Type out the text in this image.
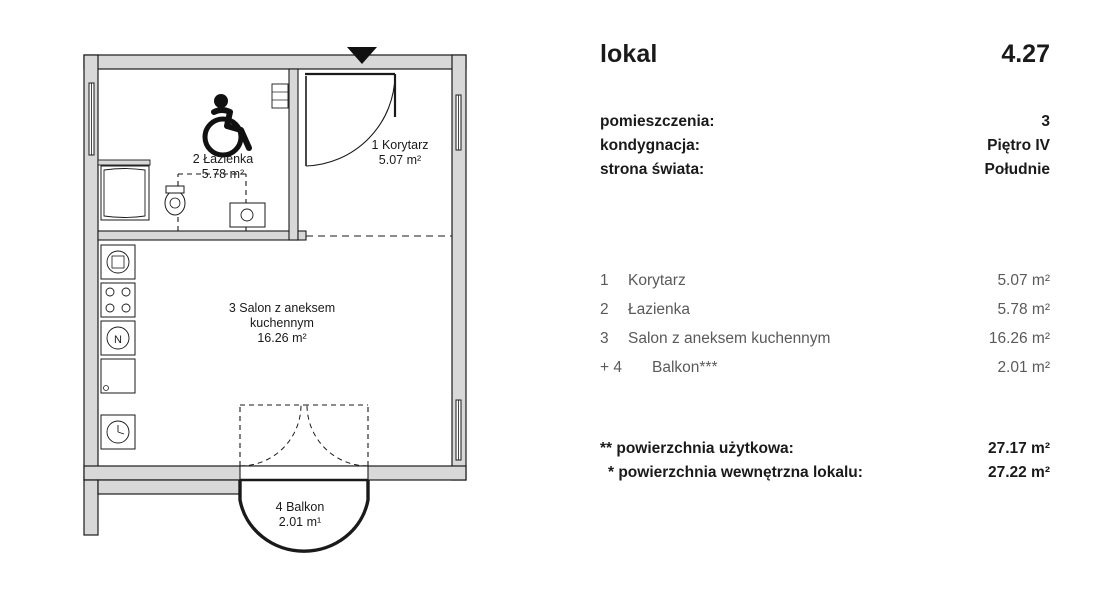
N
1 Korytarz
5.07 m²
2 Łazienka
5.78 m²
3 Salon z aneksem
kuchennym
16.26 m²
4 Balkon
2.01 m¹
lokal	4.27
pomieszczenia:	3
kondygnacja:	Piętro IV
strona świata:	Południe
1	Korytarz	5.07 m²
2	Łazienka	5.78 m²
3	Salon z aneksem kuchennym	16.26 m²
+ 4	Balkon***	2.01 m²
** powierzchnia użytkowa:	27.17 m²
* powierzchnia wewnętrzna lokalu:	27.22 m²
